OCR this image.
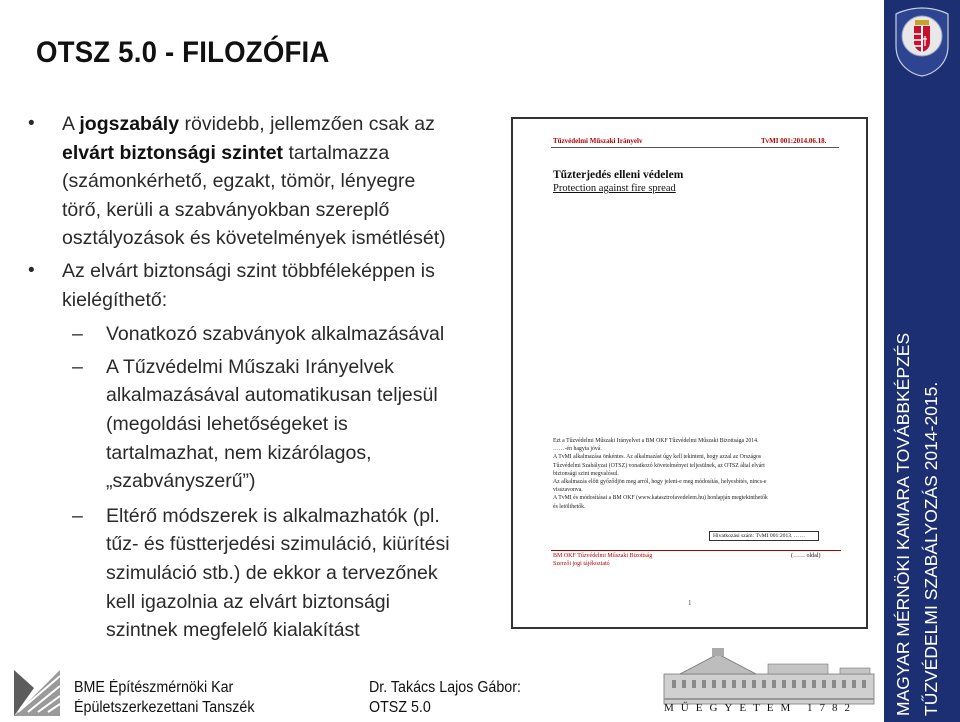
OTSZ 5.0 - FILOZÓFIA
• A jogszabály rövidebb, jellemzően csak az
elvárt biztonsági szintet tartalmazza
(számonkérhető, egzakt, tömör, lényegre
törő, kerüli a szabványokban szereplő
osztályozások és követelmények ismétlését)
• Az elvárt biztonsági szint többféleképpen is
kielégíthető:
– Vonatkozó szabványok alkalmazásával
– A Tűzvédelmi Műszaki Irányelvek
alkalmazásával automatikusan teljesül
(megoldási lehetőségeket is
tartalmazhat, nem kizárólagos,
„szabványszerű”)
– Eltérő módszerek is alkalmazhatók (pl.
tűz- és füstterjedési szimuláció, kiürítési
szimuláció stb.) de ekkor a tervezőnek
kell igazolnia az elvárt biztonsági
szintnek megfelelő kialakítást
Tűzvédelmi Műszaki Irányelv	TvMI 001:2014.06.18.
Tűzterjedés elleni védelem
Protection against fire spread
Ezt a Tűzvédelmi Műszaki Irányelvet a BM OKF Tűzvédelmi Műszaki Bizottsága 2014.
……-én hagyta jóvá.
A TvMI alkalmazása önkéntes. Az alkalmazást úgy kell tekinteni, hogy azzal az Országos
Tűzvédelmi Szabályzat (OTSZ) vonatkozó követelményei teljesülnek, az OTSZ által elvárt
biztonsági szint megvalósul.
Az alkalmazás előtt győződjön meg arról, hogy jelent-e meg módosítás, helyesbítés, nincs-e
visszavonva.
A TvMI és módosításai a BM OKF (www.katasztrofavedelem.hu) honlapján megtekinthetők
és letölthetők.
Hivatkozási szám: TvMI 001:2013. ……
BM OKF Tűzvédelmi Műszaki Bizottság	(…… oldal)
Szerzői jogi tájékoztató
1	MAGYAR MÉRNÖKI KAMARA TOVÁBBKÉPZÉS TŰZVÉDELMI SZABÁLYOZÁS 2014-2015.
BME Építészmérnöki Kar
Épületszerkezettani Tanszék
Dr. Takács Lajos Gábor:
OTSZ 5.0	MŰEGYETEM 1782
